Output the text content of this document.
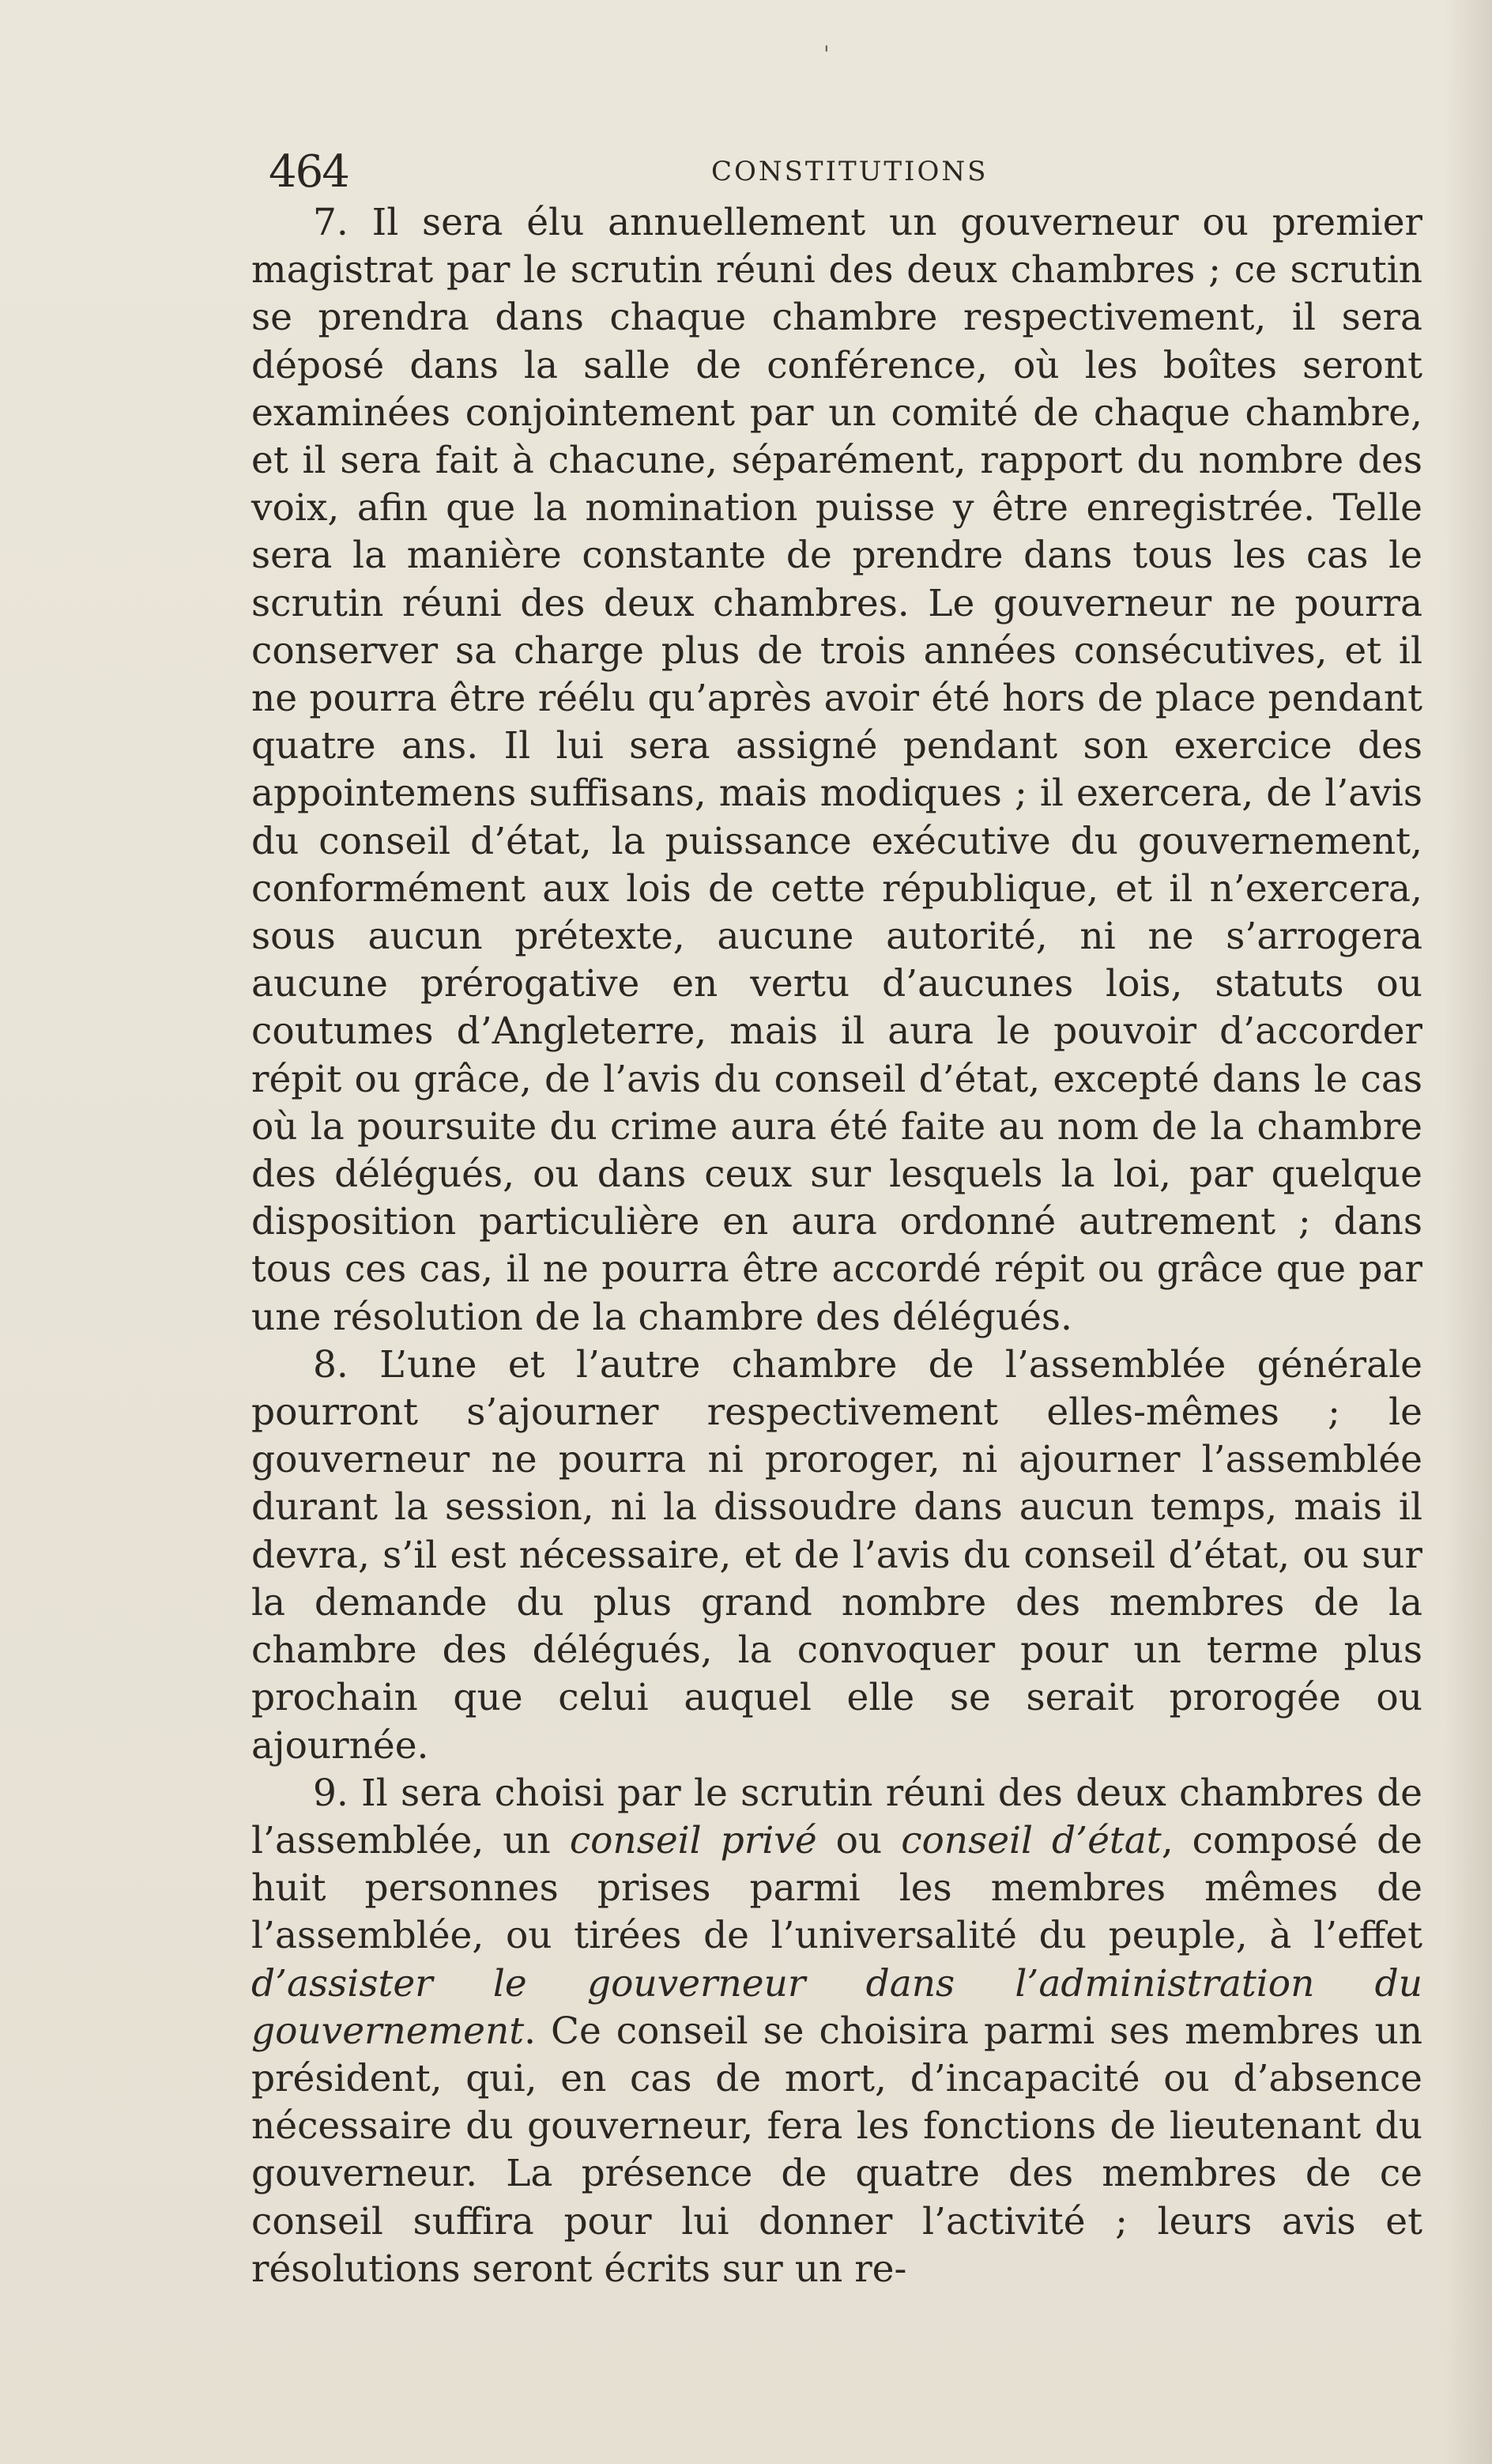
'
464	CONSTITUTIONS

7. Il sera élu annuellement un gouverneur ou premier magistrat par le scrutin réuni des deux chambres ; ce scrutin se prendra dans chaque chambre respectivement, il sera déposé dans la salle de conférence, où les boîtes seront examinées conjointement par un comité de chaque chambre, et il sera fait à chacune, séparément, rapport du nombre des voix, afin que la nomination puisse y être enregistrée. Telle sera la manière constante de prendre dans tous les cas le scrutin réuni des deux chambres. Le gouverneur ne pourra conserver sa charge plus de trois années consécutives, et il ne pourra être réélu qu’après avoir été hors de place pendant quatre ans. Il lui sera assigné pendant son exercice des appointemens suffisans, mais modiques ; il exercera, de l’avis du conseil d’état, la puissance exécutive du gouvernement, conformément aux lois de cette république, et il n’exercera, sous aucun prétexte, aucune autorité, ni ne s’arrogera aucune prérogative en vertu d’aucunes lois, statuts ou coutumes d’Angleterre, mais il aura le pouvoir d’accorder répit ou grâce, de l’avis du conseil d’état, excepté dans le cas où la poursuite du crime aura été faite au nom de la chambre des délégués, ou dans ceux sur lesquels la loi, par quelque disposition particulière en aura ordonné autrement ; dans tous ces cas, il ne pourra être accordé répit ou grâce que par une résolution de la chambre des délégués.

8. L’une et l’autre chambre de l’assemblée générale pourront s’ajourner respectivement elles-mêmes ; le gouverneur ne pourra ni proroger, ni ajourner l’assemblée durant la session, ni la dissoudre dans aucun temps, mais il devra, s’il est nécessaire, et de l’avis du conseil d’état, ou sur la demande du plus grand nombre des membres de la chambre des délégués, la convoquer pour un terme plus prochain que celui auquel elle se serait prorogée ou ajournée.

9. Il sera choisi par le scrutin réuni des deux chambres de l’assemblée, un conseil privé ou conseil d’état, composé de huit personnes prises parmi les membres mêmes de l’assemblée, ou tirées de l’universalité du peuple, à l’effet d’assister le gouverneur dans l’administration du gouvernement. Ce conseil se choisira parmi ses membres un président, qui, en cas de mort, d’incapacité ou d’absence nécessaire du gouverneur, fera les fonctions de lieutenant du gouverneur. La présence de quatre des membres de ce conseil suffira pour lui donner l’activité ; leurs avis et résolutions seront écrits sur un re-
